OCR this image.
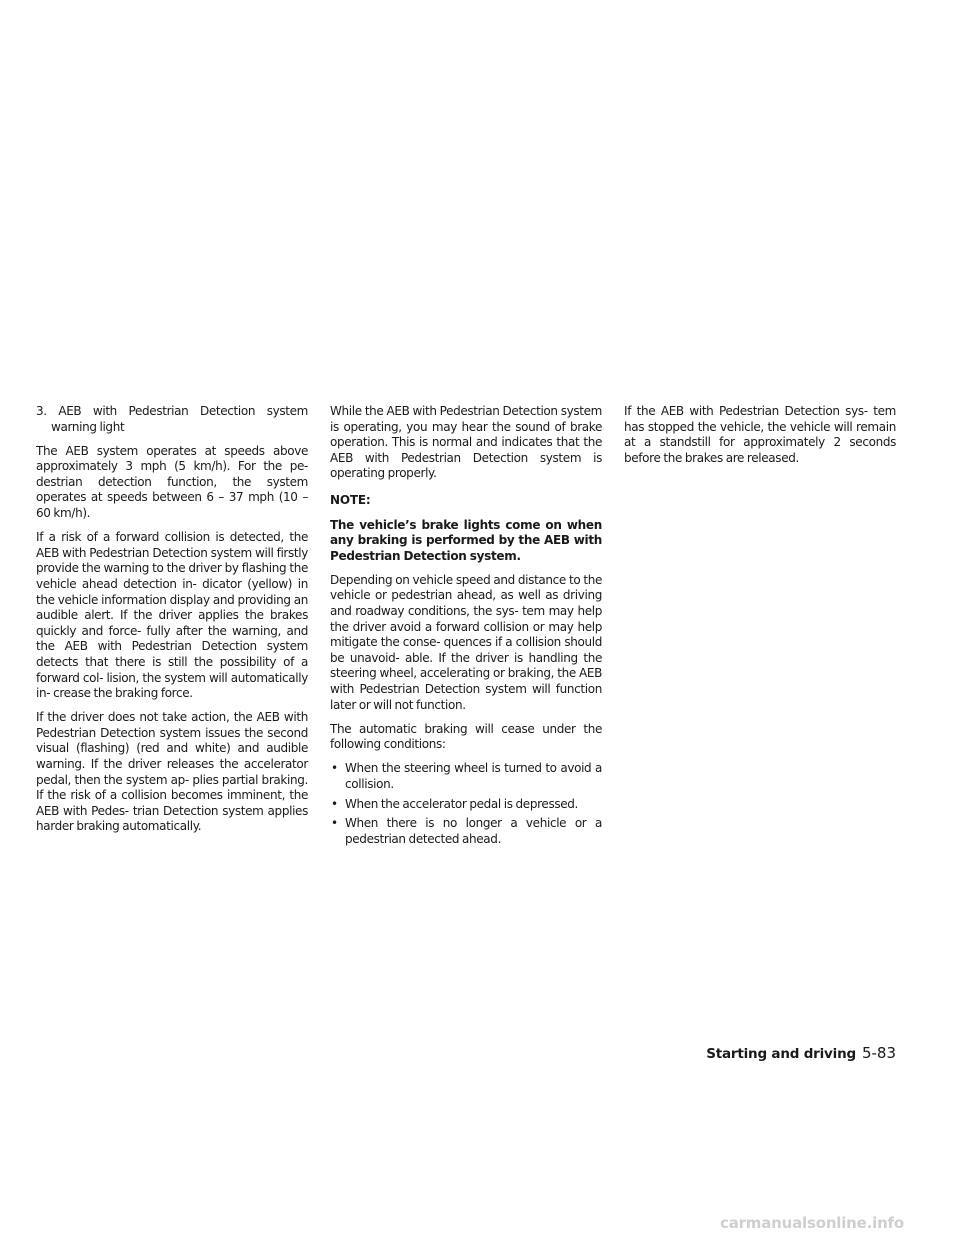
3. AEB with Pedestrian Detection system warning light

The AEB system operates at speeds above approximately 3 mph (5 km/h). For the pe- destrian detection function, the system operates at speeds between 6 – 37 mph (10 – 60 km/h).

If a risk of a forward collision is detected, the AEB with Pedestrian Detection system will firstly provide the warning to the driver by flashing the vehicle ahead detection in- dicator (yellow) in the vehicle information display and providing an audible alert. If the driver applies the brakes quickly and force- fully after the warning, and the AEB with Pedestrian Detection system detects that there is still the possibility of a forward col- lision, the system will automatically in- crease the braking force.

If the driver does not take action, the AEB with Pedestrian Detection system issues the second visual (flashing) (red and white) and audible warning. If the driver releases the accelerator pedal, then the system ap- plies partial braking. If the risk of a collision becomes imminent, the AEB with Pedes- trian Detection system applies harder braking automatically.

While the AEB with Pedestrian Detection system is operating, you may hear the sound of brake operation. This is normal and indicates that the AEB with Pedestrian Detection system is operating properly.

NOTE:

The vehicle’s brake lights come on when any braking is performed by the AEB with Pedestrian Detection system.

Depending on vehicle speed and distance to the vehicle or pedestrian ahead, as well as driving and roadway conditions, the sys- tem may help the driver avoid a forward collision or may help mitigate the conse- quences if a collision should be unavoid- able. If the driver is handling the steering wheel, accelerating or braking, the AEB with Pedestrian Detection system will function later or will not function.

The automatic braking will cease under the following conditions:

• When the steering wheel is turned to avoid a collision.
• When the accelerator pedal is depressed.
• When there is no longer a vehicle or a pedestrian detected ahead.

If the AEB with Pedestrian Detection sys- tem has stopped the vehicle, the vehicle will remain at a standstill for approximately 2 seconds before the brakes are released.

Starting and driving 5-83
carmanualsonline.info
